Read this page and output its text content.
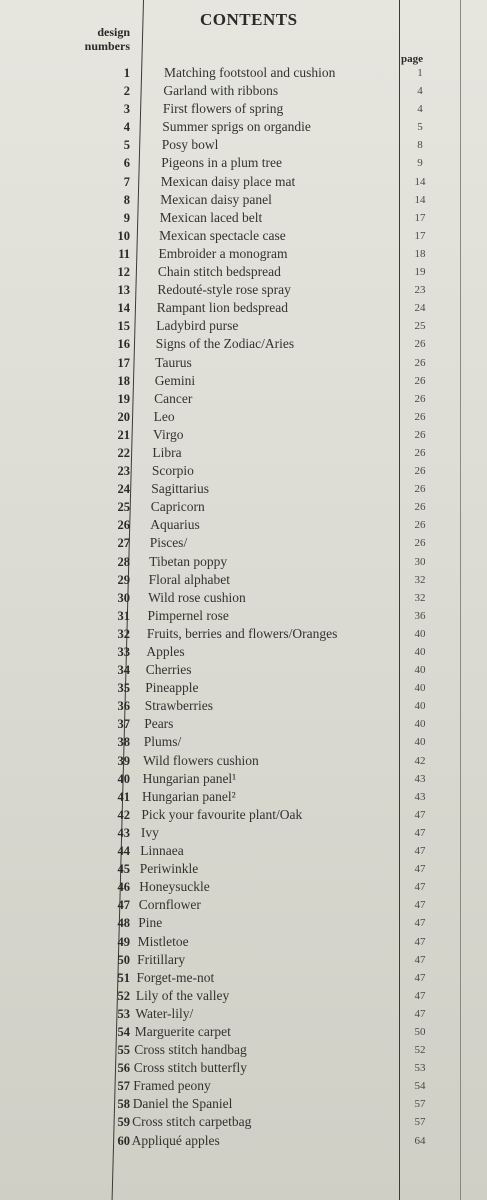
CONTENTS
design
numbers
page
1	Matching footstool and cushion	1
2 Garland with ribbons	4
3 First flowers of spring	4
4 Summer sprigs on organdie	5
5 Posy bowl	8
6 Pigeons in a plum tree	9
7 Mexican daisy place mat	14
8 Mexican daisy panel	14
9 Mexican laced belt	17
10 Mexican spectacle case	17
11 Embroider a monogram	18
12 Chain stitch bedspread	19
13 Redouté-style rose spray	23
14 Rampant lion bedspread	24
15 Ladybird purse	25
16 Signs of the Zodiac/Aries	26
17 Taurus	26
18 Gemini	26
19 Cancer	26
20 Leo	26
21 Virgo	26
22 Libra	26
23 Scorpio	26
24 Sagittarius	26
25 Capricorn	26
26 Aquarius	26
27 Pisces/	26
28 Tibetan poppy	30
29 Floral alphabet	32
30 Wild rose cushion	32
31 Pimpernel rose	36
32 Fruits, berries and flowers/Oranges	40
33 Apples	40
34 Cherries	40
35 Pineapple	40
36 Strawberries	40
37 Pears	40
38 Plums/	40
39 Wild flowers cushion	42
40 Hungarian panel¹	43
41 Hungarian panel²	43
42 Pick your favourite plant/Oak	47
43 Ivy	47
44 Linnaea	47
45 Periwinkle	47
46 Honeysuckle	47
47 Cornflower	47
48 Pine	47
49 Mistletoe	47
50 Fritillary	47
51 Forget-me-not	47
52 Lily of the valley	47
53 Water-lily/	47
54 Marguerite carpet	50
55 Cross stitch handbag	52
56 Cross stitch butterfly	53
57 Framed peony	54
58 Daniel the Spaniel	57
59 Cross stitch carpetbag	57
60 Appliqué apples	64
